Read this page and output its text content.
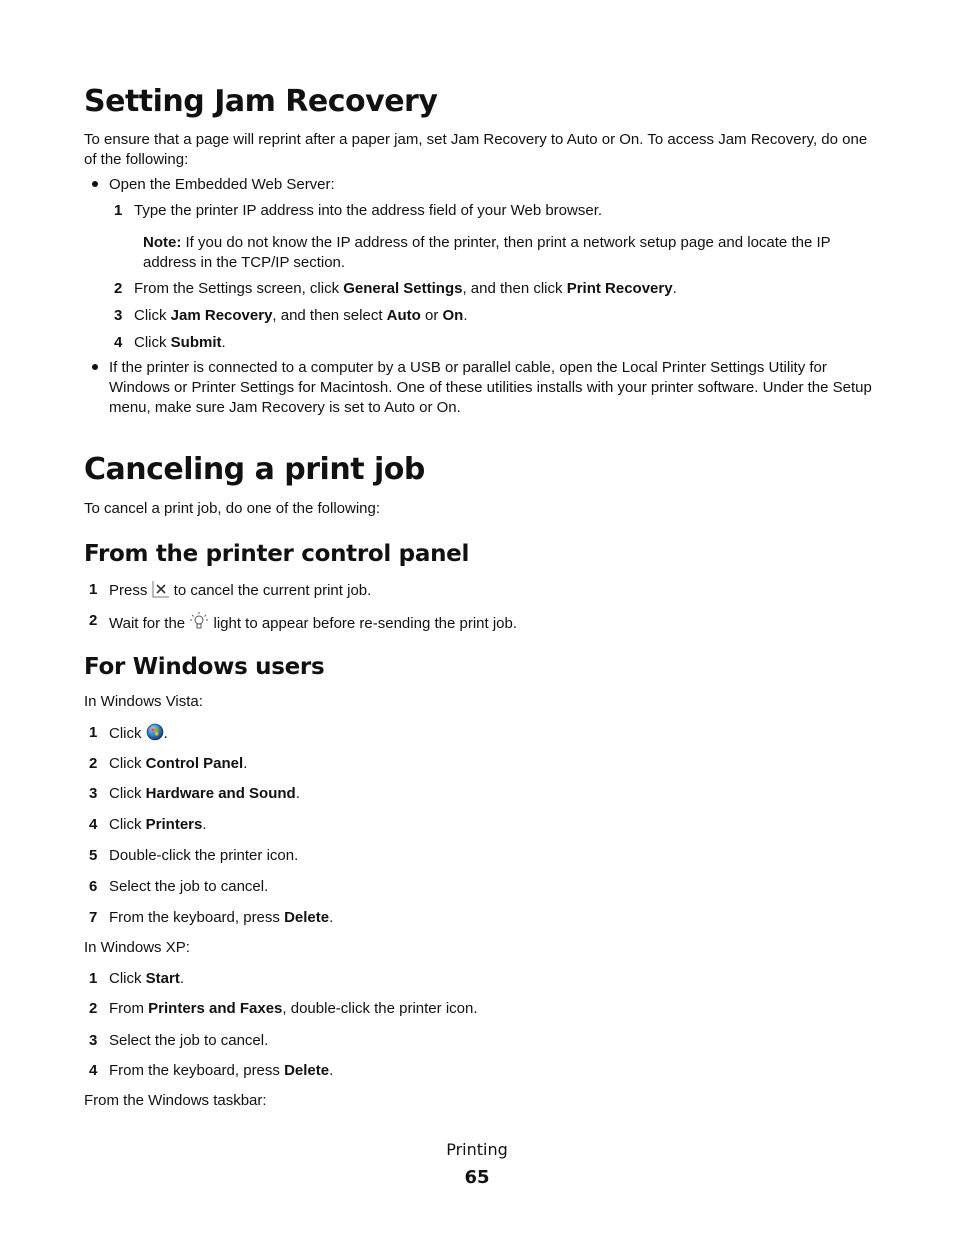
Setting Jam Recovery
To ensure that a page will reprint after a paper jam, set Jam Recovery to Auto or On. To access Jam Recovery, do one of the following:
Open the Embedded Web Server:
1 Type the printer IP address into the address field of your Web browser.
Note: If you do not know the IP address of the printer, then print a network setup page and locate the IP address in the TCP/IP section.
2 From the Settings screen, click General Settings, and then click Print Recovery.
3 Click Jam Recovery, and then select Auto or On.
4 Click Submit.
If the printer is connected to a computer by a USB or parallel cable, open the Local Printer Settings Utility for Windows or Printer Settings for Macintosh. One of these utilities installs with your printer software. Under the Setup menu, make sure Jam Recovery is set to Auto or On.
Canceling a print job
To cancel a print job, do one of the following:
From the printer control panel
1 Press  to cancel the current print job.
2 Wait for the  light to appear before re-sending the print job.
For Windows users
In Windows Vista:
1 Click .
2 Click Control Panel.
3 Click Hardware and Sound.
4 Click Printers.
5 Double-click the printer icon.
6 Select the job to cancel.
7 From the keyboard, press Delete.
In Windows XP:
1 Click Start.
2 From Printers and Faxes, double-click the printer icon.
3 Select the job to cancel.
4 From the keyboard, press Delete.
From the Windows taskbar:
Printing
65
